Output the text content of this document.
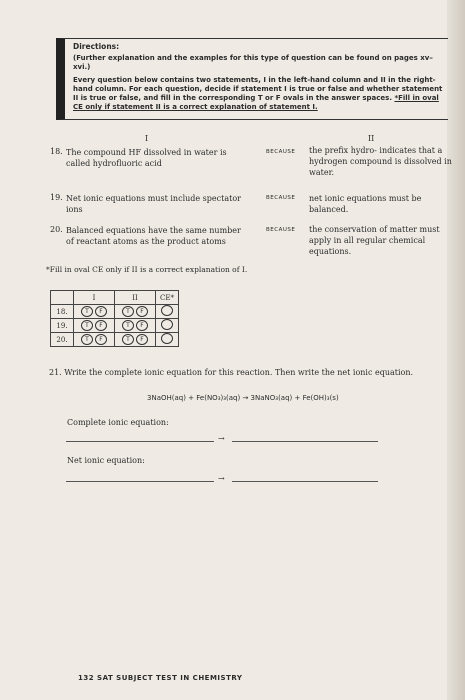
Directions:

(Further explanation and the examples for this type of question can be found on pages xv–xvi.)

Every question below contains two statements, I in the left-hand column and II in the right-hand column. For each question, decide if statement I is true or false and whether statement II is true or false, and fill in the corresponding T or F ovals in the answer spaces. *Fill in oval CE only if statement II is a correct explanation of statement I.

I	II
18. The compound HF dissolved in water is called hydrofluoric acid
BECAUSE the prefix hydro- indicates that a hydrogen compound is dissolved in water.
19. Net ionic equations must include spectator ions
BECAUSE net ionic equations must be balanced.
20. Balanced equations have the same number of reactant atoms as the product atoms
BECAUSE the conservation of matter must apply in all regular chemical equations.
*Fill in oval CE only if II is a correct explanation of I.
	I	II	CE*
18.	T F	T F	
19.	T F	T F	
20.	T F	T F	
21. Write the complete ionic equation for this reaction. Then write the net ionic equation.
3NaOH(aq) + Fe(NO₃)₃(aq) → 3NaNO₃(aq) + Fe(OH)₃(s)
Complete ionic equation:
→
Net ionic equation:
→
132 SAT SUBJECT TEST IN CHEMISTRY
